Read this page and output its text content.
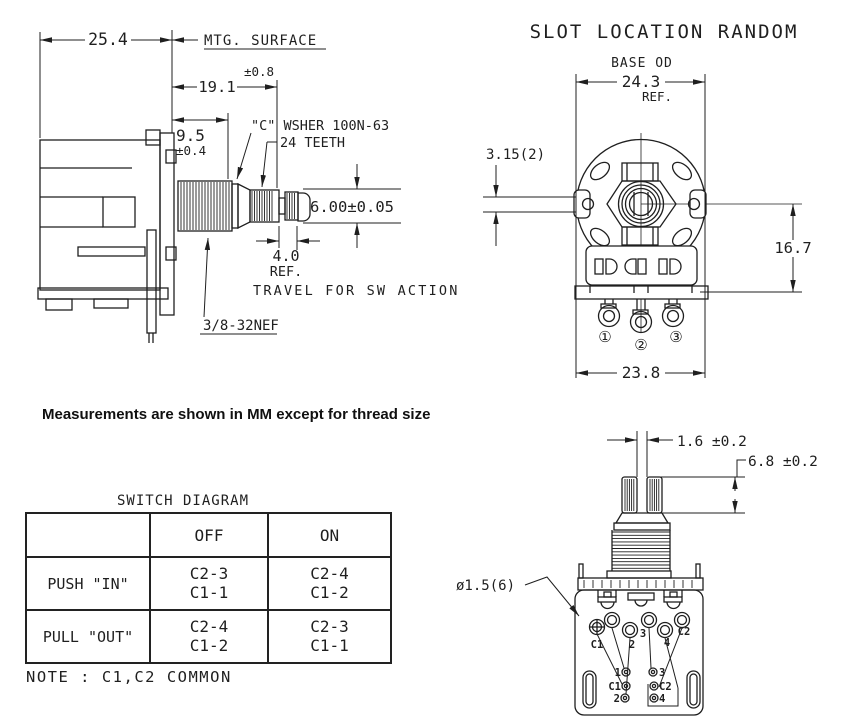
25.4	MTG. SURFACE
19.1
±0.8
9.5
±0.4
"C" WSHER 100N-63
24 TEETH
6.00±0.05
4.0
REF.
TRAVEL FOR SW ACTION
3/8-32NEF
SLOT LOCATION RANDOM
BASE OD
24.3
REF.
3.15(2)
16.7
23.8
① ② ③
1.6 ±0.2
6.8 ±0.2
ø1.5(6)
C1 2
3
4
C2
1
C1
2
3
C2
4
Measurements are shown in MM except for thread size
SWITCH DIAGRAM
OFF	ON
PUSH "IN"
C2-3
C1-1
C2-4
C1-2
PULL "OUT"
C2-4
C1-2
C2-3
C1-1
NOTE : C1,C2 COMMON
